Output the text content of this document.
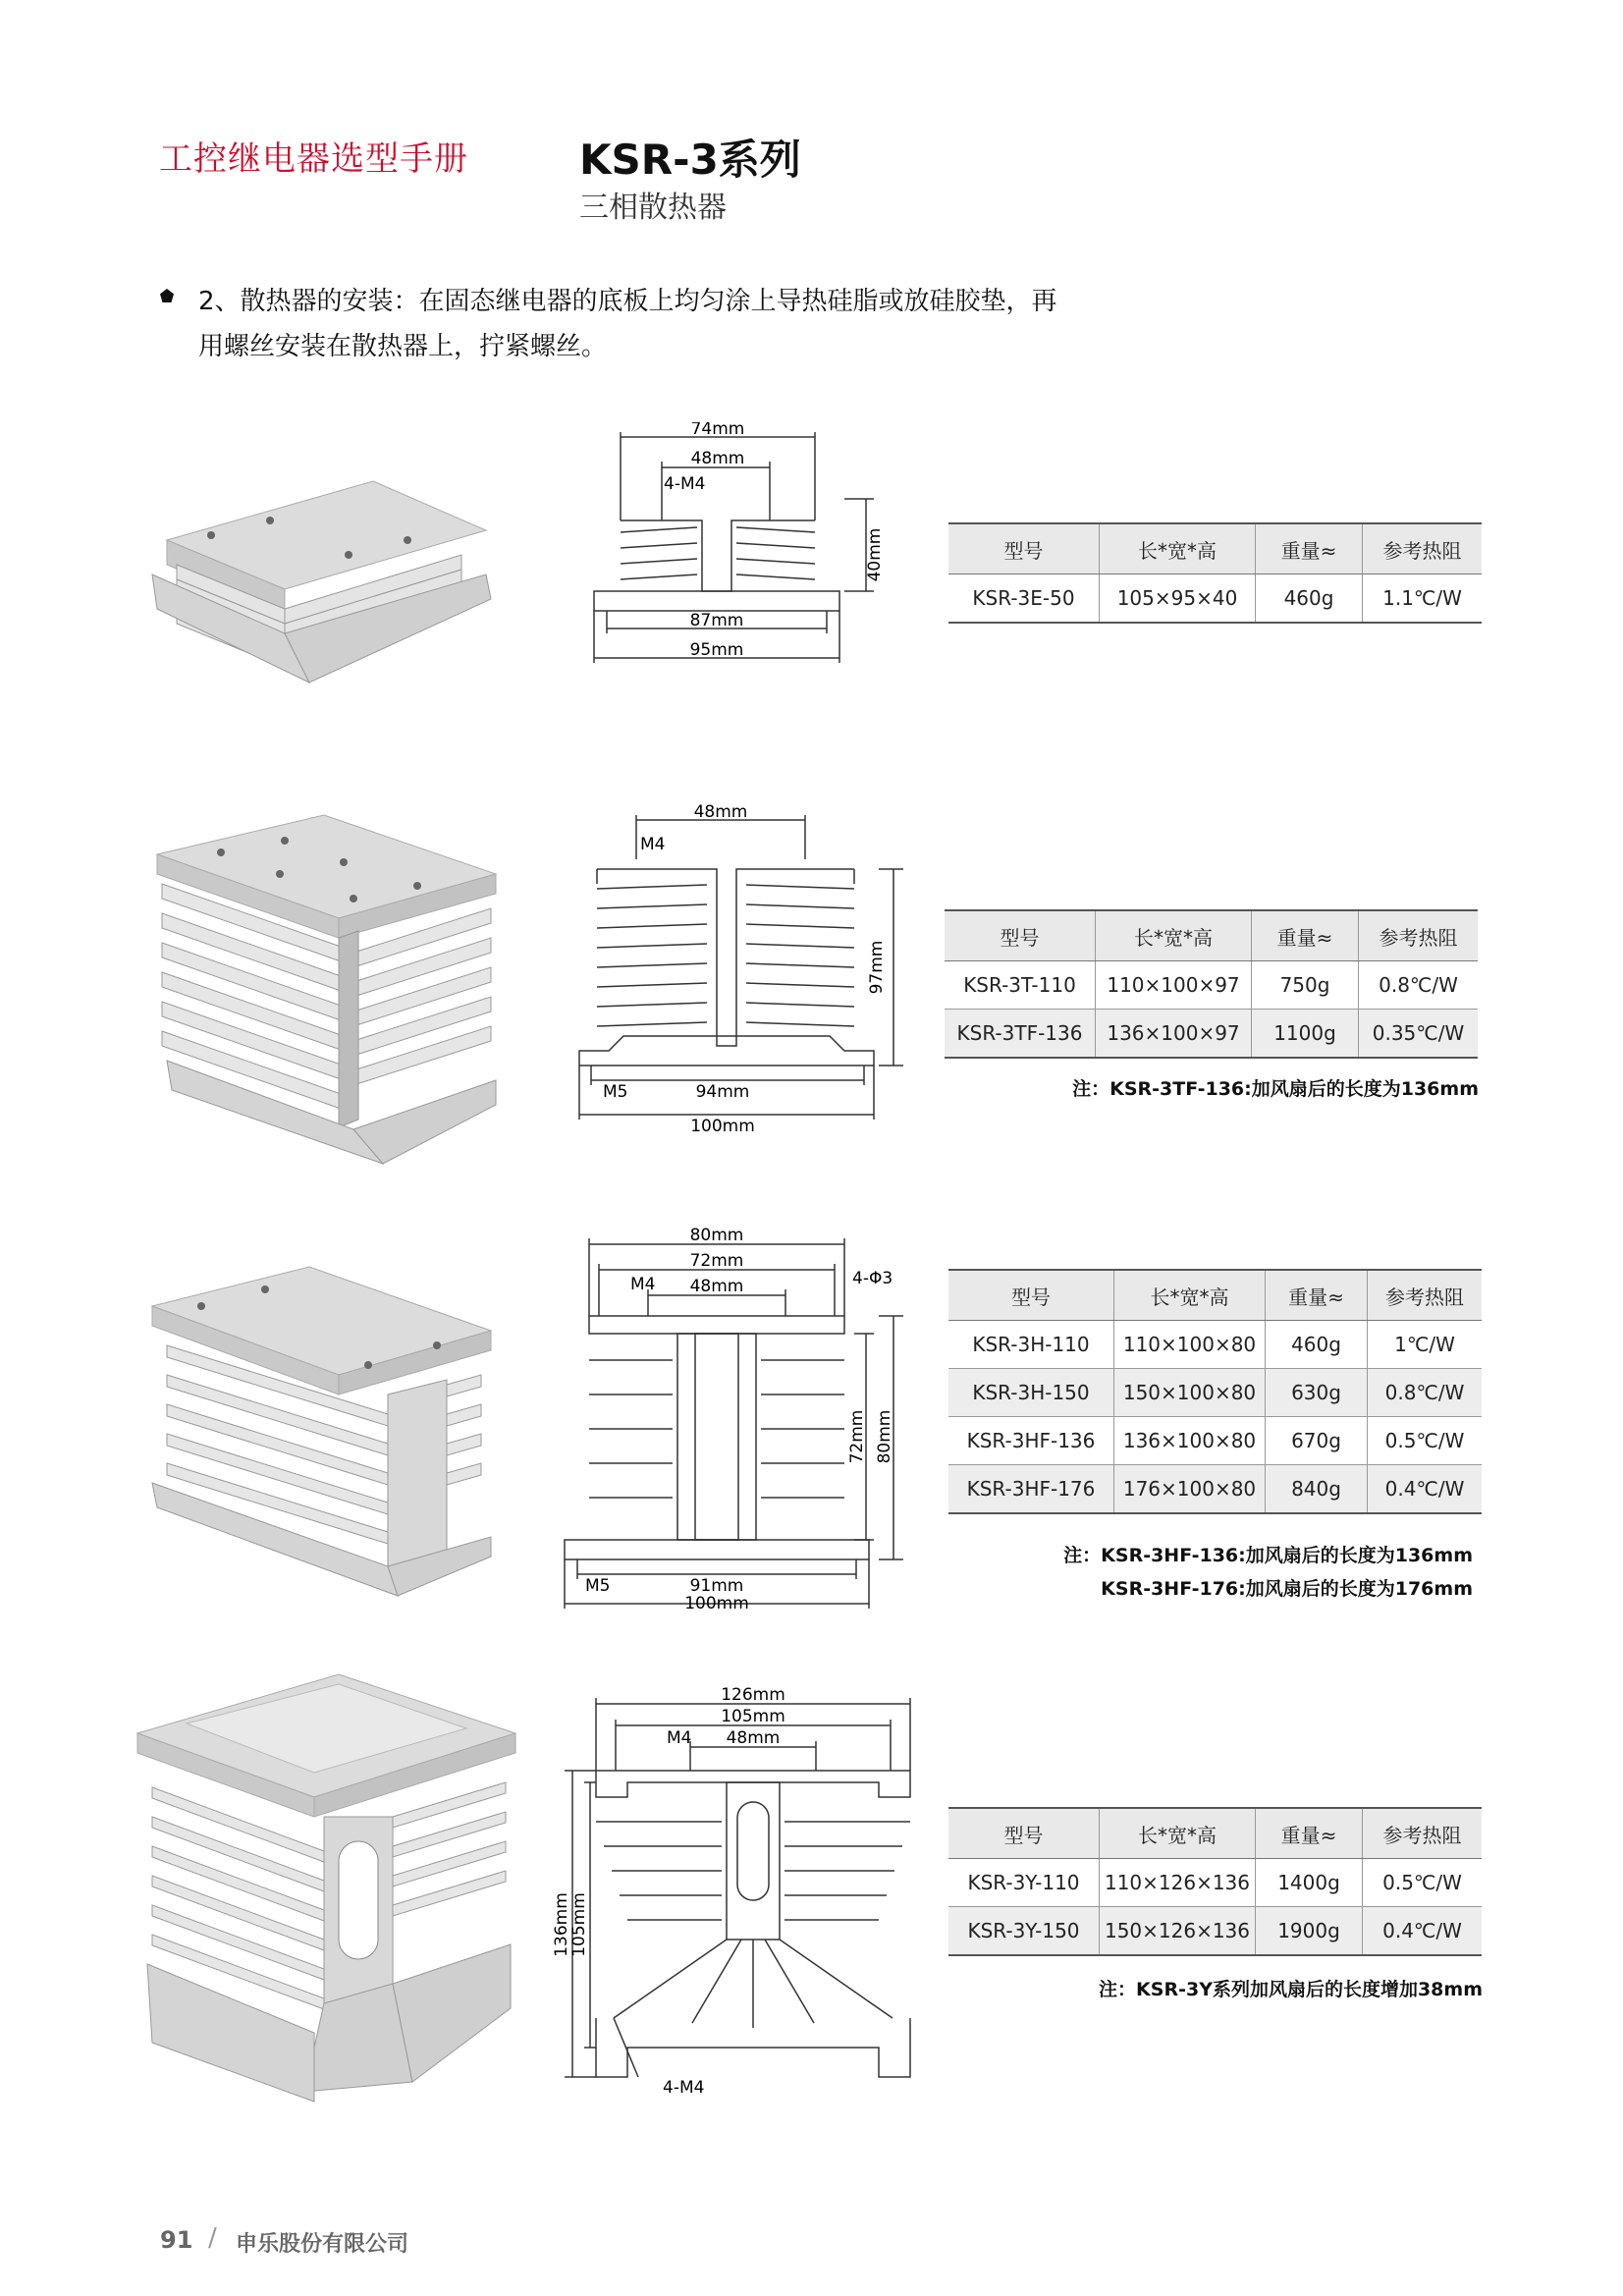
工控继电器选型手册	KSR-3系列
三相散热器
2、散热器的安装：在固态继电器的底板上均匀涂上导热硅脂或放硅胶垫，再用螺丝安装在散热器上，拧紧螺丝。
74mm
48mm
4-M4
40mm
87mm
95mm
型号	长*宽*高	重量≈	参考热阻
KSR-3E-50	105×95×40	460g	1.1℃/W
48mm
M4
97mm
M5	94mm
100mm
型号	长*宽*高	重量≈	参考热阻
KSR-3T-110	110×100×97	750g	0.8℃/W
KSR-3TF-136	136×100×97	1100g	0.35℃/W
注：KSR-3TF-136:加风扇后的长度为136mm
80mm
72mm
48mm
M4	4-Φ3
72mm 80mm
M5	91mm
100mm
型号	长*宽*高	重量≈	参考热阻
KSR-3H-110	110×100×80	460g	1℃/W
KSR-3H-150	150×100×80	630g	0.8℃/W
KSR-3HF-136	136×100×80	670g	0.5℃/W
KSR-3HF-176	176×100×80	840g	0.4℃/W
注：KSR-3HF-136:加风扇后的长度为136mm
KSR-3HF-176:加风扇后的长度为176mm
126mm
105mm
M4 48mm
136mm
105mm
4-M4
型号	长*宽*高	重量≈	参考热阻
KSR-3Y-110	110×126×136	1400g	0.5℃/W
KSR-3Y-150	150×126×136	1900g	0.4℃/W
注：KSR-3Y系列加风扇后的长度增加38mm
91 / 申乐股份有限公司
